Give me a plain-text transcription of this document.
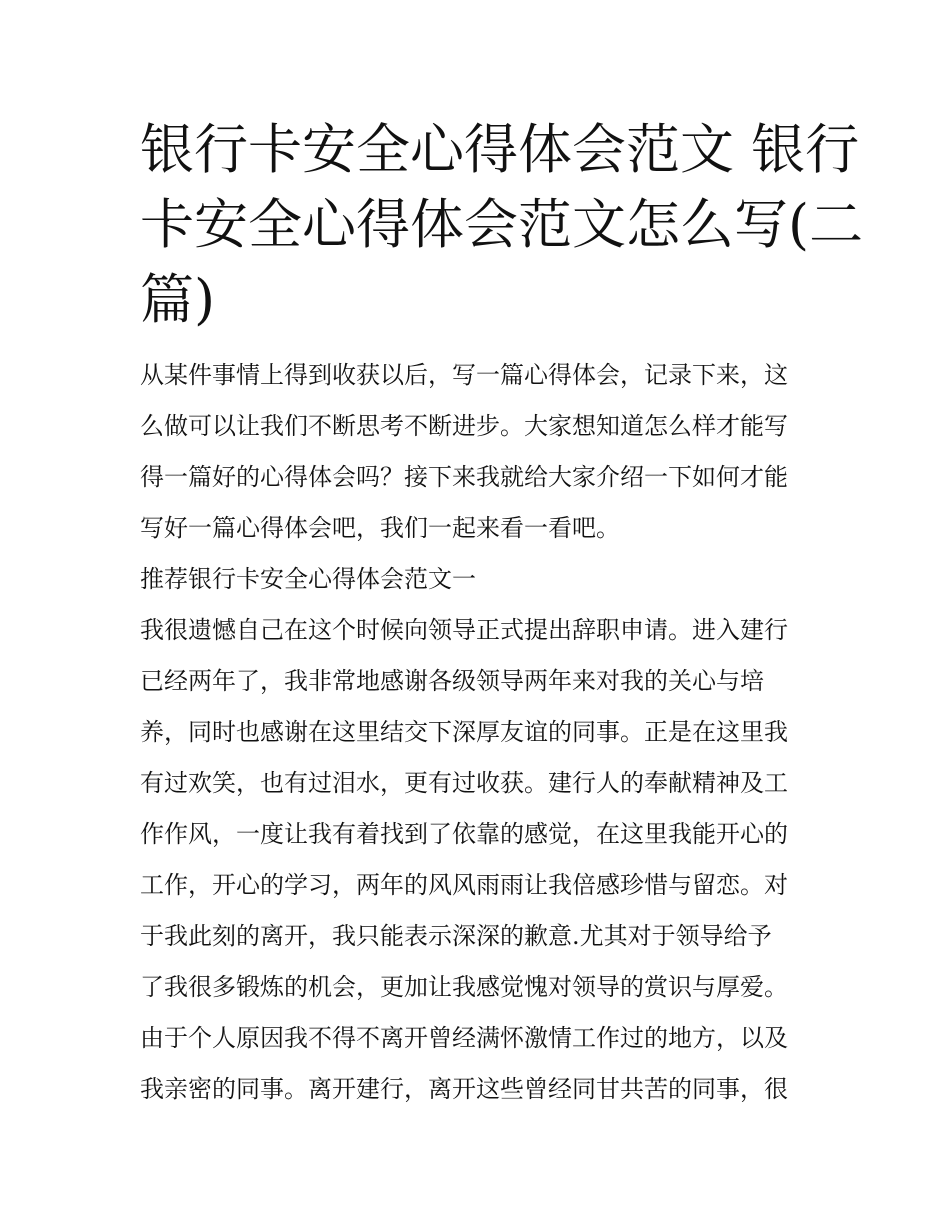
银行卡安全心得体会范文 银行
卡安全心得体会范文怎么写(二
篇)
从某件事情上得到收获以后，写一篇心得体会，记录下来，这
么做可以让我们不断思考不断进步。大家想知道怎么样才能写
得一篇好的心得体会吗？接下来我就给大家介绍一下如何才能
写好一篇心得体会吧，我们一起来看一看吧。
推荐银行卡安全心得体会范文一
我很遗憾自己在这个时候向领导正式提出辞职申请。进入建行
已经两年了，我非常地感谢各级领导两年来对我的关心与培
养，同时也感谢在这里结交下深厚友谊的同事。正是在这里我
有过欢笑，也有过泪水，更有过收获。建行人的奉献精神及工
作作风，一度让我有着找到了依靠的感觉，在这里我能开心的
工作，开心的学习，两年的风风雨雨让我倍感珍惜与留恋。对
于我此刻的离开，我只能表示深深的歉意.尤其对于领导给予
了我很多锻炼的机会，更加让我感觉愧对领导的赏识与厚爱。
由于个人原因我不得不离开曾经满怀激情工作过的地方，以及
我亲密的同事。离开建行，离开这些曾经同甘共苦的同事，很
